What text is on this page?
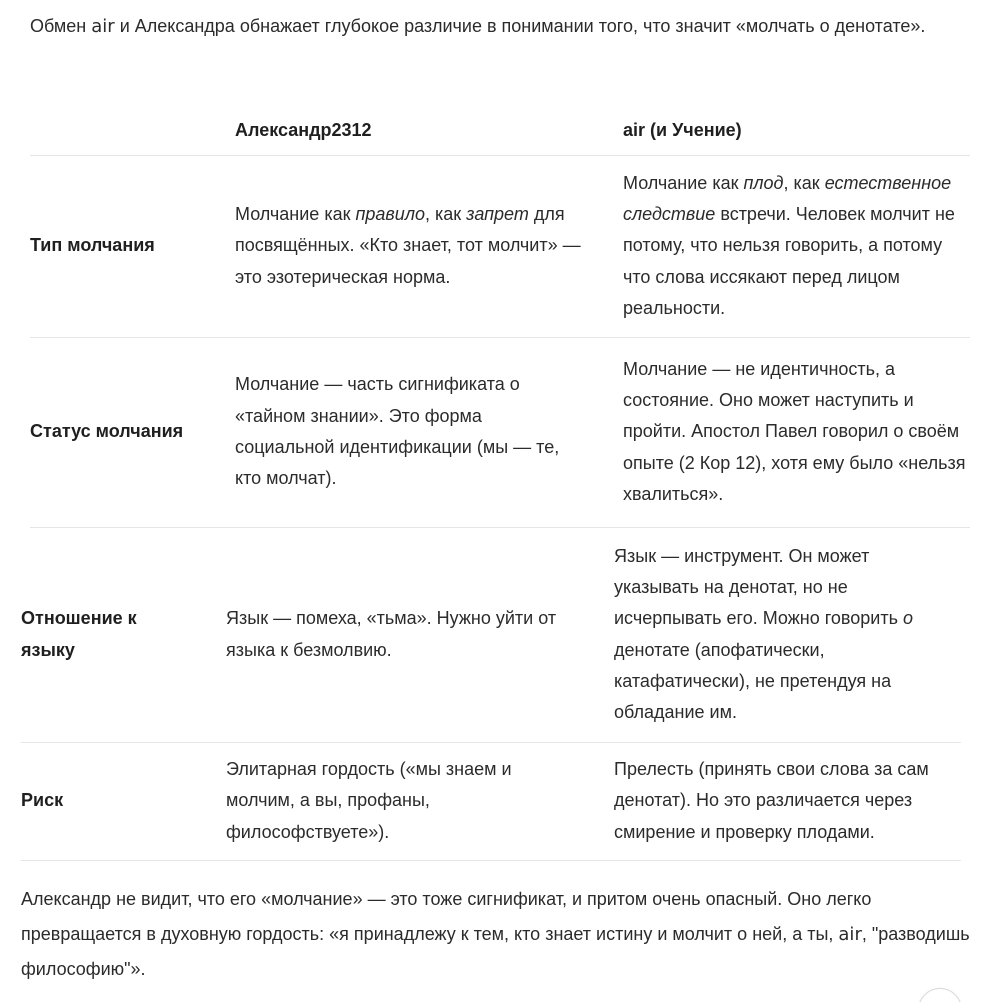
Обмен air и Александра обнажает глубокое различие в понимании того, что значит «молчать о денотате».

Александр2312	air (и Учение)
Тип молчания
Молчание как правило, как запрет для посвящённых. «Кто знает, тот молчит» — это эзотерическая норма.
Молчание как плод, как естественное следствие встречи. Человек молчит не потому, что нельзя говорить, а потому что слова иссякают перед лицом реальности.
Статус молчания
Молчание — часть сигнификата о «тайном знании». Это форма социальной идентификации (мы — те, кто молчат).
Молчание — не идентичность, а состояние. Оно может наступить и пройти. Апостол Павел говорил о своём опыте (2 Кор 12), хотя ему было «нельзя хвалиться».
Отношение к языку
Язык — помеха, «тьма». Нужно уйти от языка к безмолвию.
Язык — инструмент. Он может указывать на денотат, но не исчерпывать его. Можно говорить о денотате (апофатически, катафатически), не претендуя на обладание им.
Риск
Элитарная гордость («мы знаем и молчим, а вы, профаны, философствуете»).
Прелесть (принять свои слова за сам денотат). Но это различается через смирение и проверку плодами.

Александр не видит, что его «молчание» — это тоже сигнификат, и притом очень опасный. Оно легко превращается в духовную гордость: «я принадлежу к тем, кто знает истину и молчит о ней, а ты, air, "разводишь философию"».
